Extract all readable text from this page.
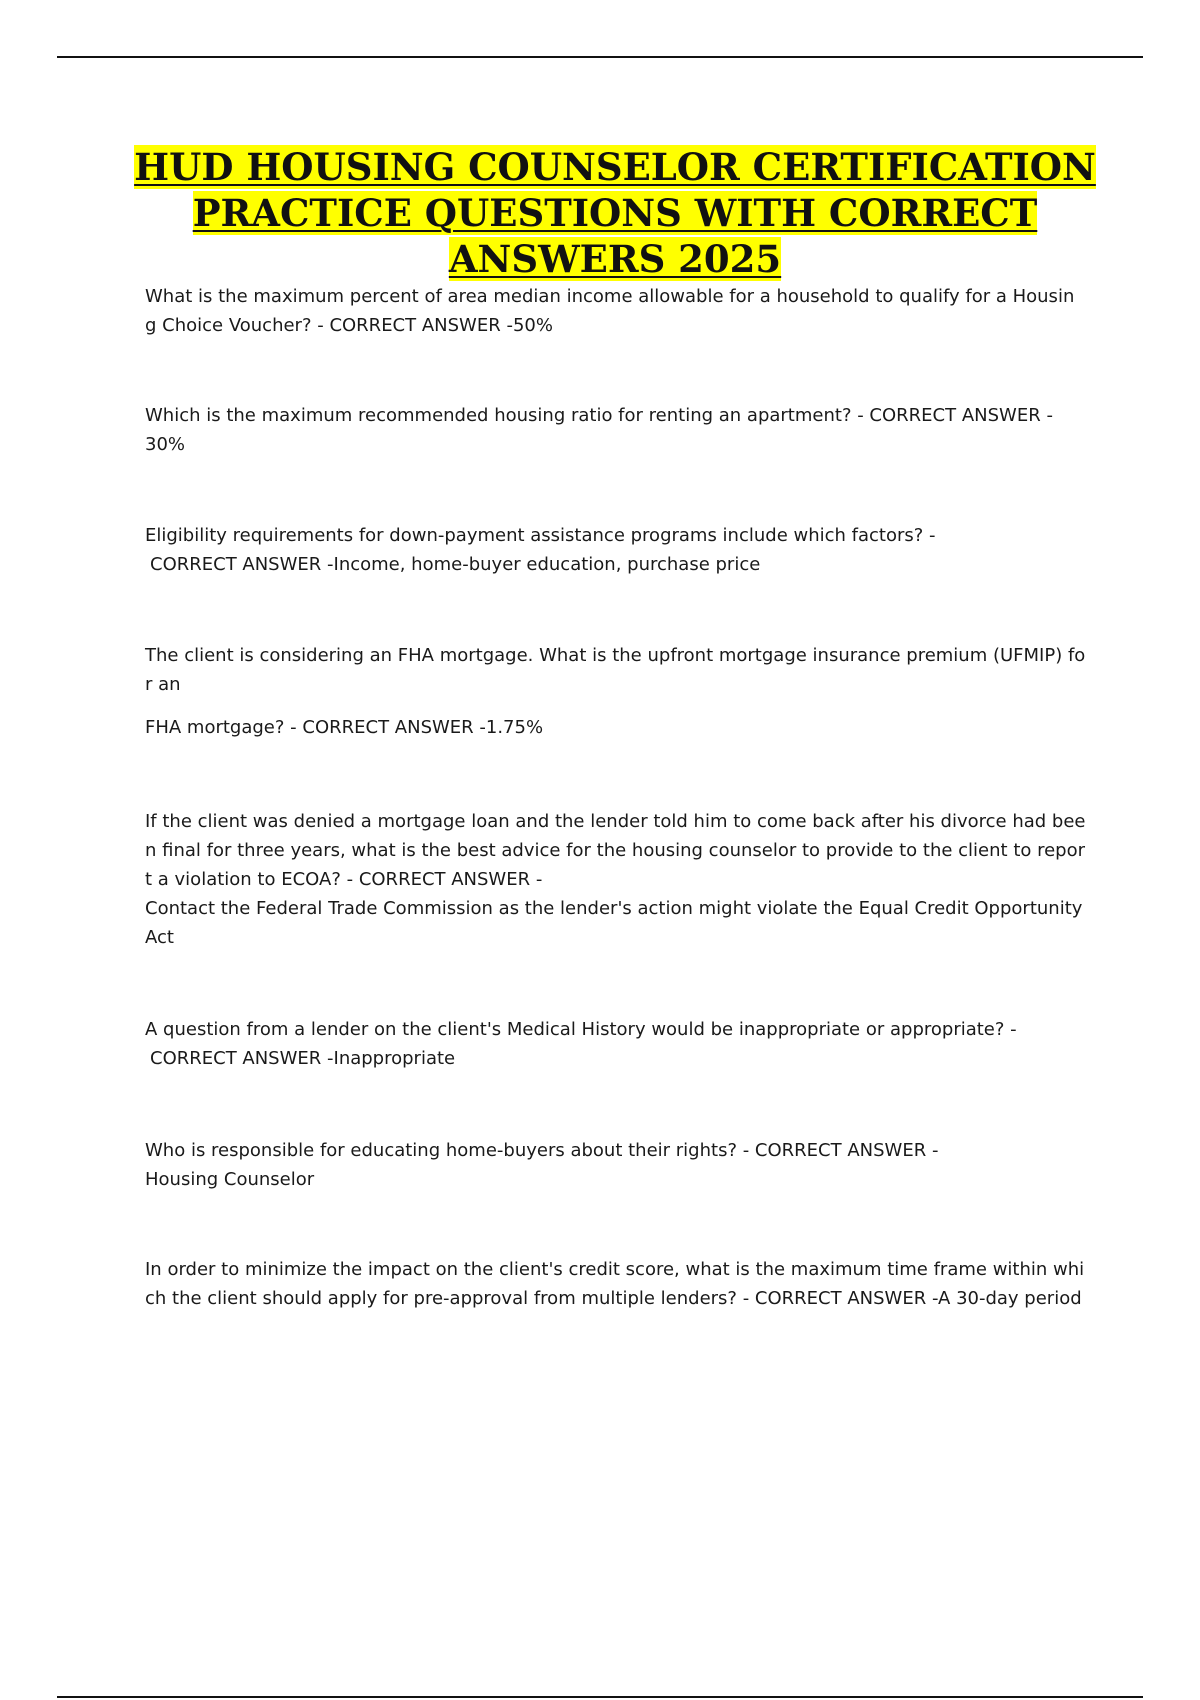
HUD HOUSING COUNSELOR CERTIFICATION PRACTICE QUESTIONS WITH CORRECT ANSWERS 2025

What is the maximum percent of area median income allowable for a household to qualify for a Housin

g Choice Voucher? - CORRECT ANSWER -50%

Which is the maximum recommended housing ratio for renting an apartment? - CORRECT ANSWER -

30%

Eligibility requirements for down-payment assistance programs include which factors? -

CORRECT ANSWER -Income, home-buyer education, purchase price

The client is considering an FHA mortgage. What is the upfront mortgage insurance premium (UFMIP) fo

r an

FHA mortgage? - CORRECT ANSWER -1.75%

If the client was denied a mortgage loan and the lender told him to come back after his divorce had bee

n final for three years, what is the best advice for the housing counselor to provide to the client to repor

t a violation to ECOA? - CORRECT ANSWER -

Contact the Federal Trade Commission as the lender's action might violate the Equal Credit Opportunity

Act

A question from a lender on the client's Medical History would be inappropriate or appropriate? -

CORRECT ANSWER -Inappropriate

Who is responsible for educating home-buyers about their rights? - CORRECT ANSWER -

Housing Counselor

In order to minimize the impact on the client's credit score, what is the maximum time frame within whi

ch the client should apply for pre-approval from multiple lenders? - CORRECT ANSWER -A 30-day period
